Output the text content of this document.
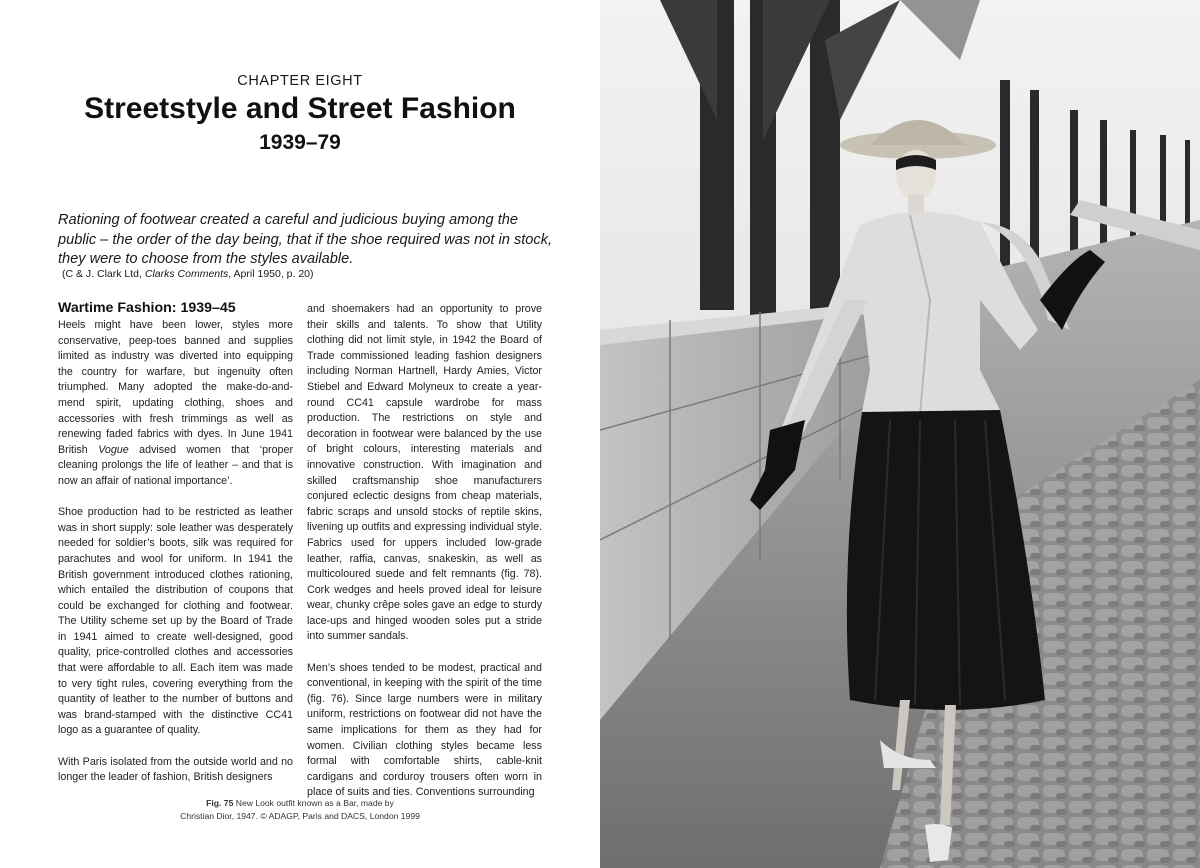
CHAPTER EIGHT
Streetstyle and Street Fashion
1939–79
Rationing of footwear created a careful and judicious buying among the public – the order of the day being, that if the shoe required was not in stock, they were to choose from the styles available.
(C & J. Clark Ltd, Clarks Comments, April 1950, p. 20)
Wartime Fashion: 1939–45

Heels might have been lower, styles more conservative, peep-toes banned and supplies limited as industry was diverted into equipping the country for warfare, but ingenuity often triumphed. Many adopted the make-do-and-mend spirit, updating clothing, shoes and accessories with fresh trimmings as well as renewing faded fabrics with dyes. In June 1941 British Vogue advised women that ‘proper cleaning prolongs the life of leather – and that is now an affair of national importance’.

Shoe production had to be restricted as leather was in short supply: sole leather was desperately needed for soldier’s boots, silk was required for parachutes and wool for uniform. In 1941 the British government introduced clothes rationing, which entailed the distribution of coupons that could be exchanged for clothing and footwear. The Utility scheme set up by the Board of Trade in 1941 aimed to create well-designed, good quality, price-controlled clothes and accessories that were affordable to all. Each item was made to very tight rules, covering everything from the quantity of leather to the number of buttons and was brand-stamped with the distinctive CC41 logo as a guarantee of quality.

With Paris isolated from the outside world and no longer the leader of fashion, British designers

and shoemakers had an opportunity to prove their skills and talents. To show that Utility clothing did not limit style, in 1942 the Board of Trade commissioned leading fashion designers including Norman Hartnell, Hardy Amies, Victor Stiebel and Edward Molyneux to create a year-round CC41 capsule wardrobe for mass production. The restrictions on style and decoration in footwear were balanced by the use of bright colours, interesting materials and innovative construction. With imagination and skilled craftsmanship shoe manufacturers conjured eclectic designs from cheap materials, fabric scraps and unsold stocks of reptile skins, livening up outfits and expressing individual style. Fabrics used for uppers included low-grade leather, raffia, canvas, snakeskin, as well as multicoloured suede and felt remnants (fig. 78). Cork wedges and heels proved ideal for leisure wear, chunky crêpe soles gave an edge to sturdy lace-ups and hinged wooden soles put a stride into summer sandals.

Men’s shoes tended to be modest, practical and conventional, in keeping with the spirit of the time (fig. 76). Since large numbers were in military uniform, restrictions on footwear did not have the same implications for them as they had for women. Civilian clothing styles became less formal with comfortable shirts, cable-knit cardigans and corduroy trousers often worn in place of suits and ties. Conventions surrounding

Fig. 75 New Look outfit known as a Bar, made by
Christian Dior, 1947. © ADAGP, Paris and DACS, London 1999
